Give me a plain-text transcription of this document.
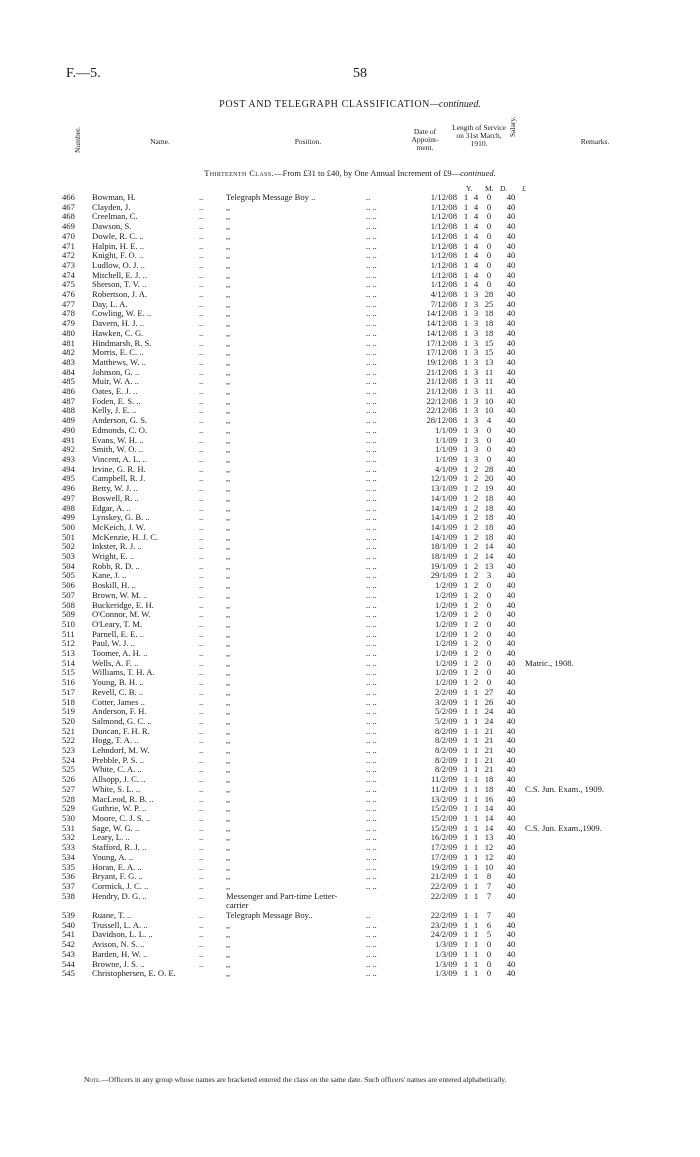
F.—5.	58
POST AND TELEGRAPH CLASSIFICATION—continued.
Number.	Name.	Position.
Date of Appoint- ment.
Length of Service on 31st March, 1910.
Salary.
Remarks.
Thirteenth Class.—From £31 to £40, by One Annual Increment of £9—continued.
Y. M. D. £
466	Bowman, H.	..	Telegraph Message Boy ..	..	1/12/08	1	4	0	40	
467	Clayden, J.	..	,,	.. ..	1/12/08	1	4	0	40	
468	Creelman, C.	..	,,	.. ..	1/12/08	1	4	0	40	
469	Dawson, S.	..	,,	.. ..	1/12/08	1	4	0	40	
470	Dowle, R. C. ..	..	,,	.. ..	1/12/08	1	4	0	40	
471	Halpin, H. E. ..	..	,,	.. ..	1/12/08	1	4	0	40	
472	Knight, F. O. ..	..	,,	.. ..	1/12/08	1	4	0	40	
473	Ludlow, O. J. ..	..	,,	.. ..	1/12/08	1	4	0	40	
474	Mitchell, E. J. ..	..	,,	.. ..	1/12/08	1	4	0	40	
475	Sherson, T. V. ..	..	,,	.. ..	1/12/08	1	4	0	40	
476	Robertson, J. A.	..	,,	.. ..	4/12/08	1	3	28	40	
477	Day, L. A.	..	,,	.. ..	7/12/08	1	3	25	40	
478	Cowling, W. E. ..	..	,,	.. ..	14/12/08	1	3	18	40	
479	Davern, H. J. ..	..	,,	.. ..	14/12/08	1	3	18	40	
480	Hawken, C. G.	..	,,	.. ..	14/12/08	1	3	18	40	
481	Hindmarsh, R. S.	..	,,	.. ..	17/12/08	1	3	15	40	
482	Morris, E. C. ..	..	,,	.. ..	17/12/08	1	3	15	40	
483	Matthews, W. ..	..	,,	.. ..	19/12/08	1	3	13	40	
484	Johnson, G. ..	..	,,	.. ..	21/12/08	1	3	11	40	
485	Muir, W. A. ..	..	,,	.. ..	21/12/08	1	3	11	40	
486	Oates, E. J. ..	..	,,	.. ..	21/12/08	1	3	11	40	
487	Foden, E. S. ..	..	,,	.. ..	22/12/08	1	3	10	40	
488	Kelly, J. E. ..	..	,,	.. ..	22/12/08	1	3	10	40	
489	Anderson, G. S.	..	,,	.. ..	28/12/08	1	3	4	40	
490	Edmonds, C. O.	..	,,	.. ..	1/1/09	1	3	0	40	
491	Evans, W. H. ..	..	,,	.. ..	1/1/09	1	3	0	40	
492	Smith, W. O. ..	..	,,	.. ..	1/1/09	1	3	0	40	
493	Vincent, A. L. ..	..	,,	.. ..	1/1/09	1	3	0	40	
494	Irvine, G. R. H.	..	,,	.. ..	4/1/09	1	2	28	40	
495	Campbell, R. J.	..	,,	.. ..	12/1/09	1	2	20	40	
496	Betty, W. J. ..	..	,,	.. ..	13/1/09	1	2	19	40	
497	Boswell, R. ..	..	,,	.. ..	14/1/09	1	2	18	40	
498	Edgar, A. ..	..	,,	.. ..	14/1/09	1	2	18	40	
499	Lynskey, G. B. ..	..	,,	.. ..	14/1/09	1	2	18	40	
500	McKeich, J. W.	..	,,	.. ..	14/1/09	1	2	18	40	
501	McKenzie, H. J. C.	..	,,	.. ..	14/1/09	1	2	18	40	
502	Inkster, R. J. ..	..	,,	.. ..	18/1/09	1	2	14	40	
503	Wright, E. ..	..	,,	.. ..	18/1/09	1	2	14	40	
504	Robb, R. D. ..	..	,,	.. ..	19/1/09	1	2	13	40	
505	Kane, J. ..	..	,,	.. ..	29/1/09	1	2	3	40	
506	Boskill, H. ..	..	,,	.. ..	1/2/09	1	2	0	40	
507	Brown, W. M. ..	..	,,	.. ..	1/2/09	1	2	0	40	
508	Buckeridge, E. H.	..	,,	.. ..	1/2/09	1	2	0	40	
509	O'Connor, M. W.	..	,,	.. ..	1/2/09	1	2	0	40	
510	O'Leary, T. M.	..	,,	.. ..	1/2/09	1	2	0	40	
511	Parnell, E. E. ..	..	,,	.. ..	1/2/09	1	2	0	40	
512	Paul, W. J. ..	..	,,	.. ..	1/2/09	1	2	0	40	
513	Toomer, A. H. ..	..	,,	.. ..	1/2/09	1	2	0	40	
514	Wells, A. F. ..	..	,,	.. ..	1/2/09	1	2	0	40	Matric., 1908.
515	Williams, T. H. A.	..	,,	.. ..	1/2/09	1	2	0	40	
516	Young, B. H. ..	..	,,	.. ..	1/2/09	1	2	0	40	
517	Revell, C. B. ..	..	,,	.. ..	2/2/09	1	1	27	40	
518	Cotter, James ..	..	,,	.. ..	3/2/09	1	1	26	40	
519	Anderson, F. H.	..	,,	.. ..	5/2/09	1	1	24	40	
520	Salmond, G. C. ..	..	,,	.. ..	5/2/09	1	1	24	40	
521	Duncan, F. H. R.	..	,,	.. ..	8/2/09	1	1	21	40	
522	Hogg, T. A. ..	..	,,	.. ..	8/2/09	1	1	21	40	
523	Lehndorf, M. W.	..	,,	.. ..	8/2/09	1	1	21	40	
524	Prebble, P. S. ..	..	,,	.. ..	8/2/09	1	1	21	40	
525	White, C. A. ..	..	,,	.. ..	8/2/09	1	1	21	40	
526	Allsopp, J. C. ..	..	,,	.. ..	11/2/09	1	1	18	40	
527	White, S. L. ..	..	,,	.. ..	11/2/09	1	1	18	40	C.S. Jun. Exam., 1909.
528	MacLeod, R. B. ..	..	,,	.. ..	13/2/09	1	1	16	40	
529	Guthrie, W. P. ..	..	,,	.. ..	15/2/09	1	1	14	40	
530	Moore, C. J. S. ..	..	,,	.. ..	15/2/09	1	1	14	40	
531	Sage, W. G. ..	..	,,	.. ..	15/2/09	1	1	14	40	C.S. Jun. Exam.,1909.
532	Leary, L. ..	..	,,	.. ..	16/2/09	1	1	13	40	
533	Stafford, R. J. ..	..	,,	.. ..	17/2/09	1	1	12	40	
534	Young, A. ..	..	,,	.. ..	17/2/09	1	1	12	40	
535	Horan, E. A. ..	..	,,	.. ..	19/2/09	1	1	10	40	
536	Bryant, F. G. ..	..	,,	.. ..	21/2/09	1	1	8	40	
537	Cormick, J. C. ..	..	,,	.. ..	22/2/09	1	1	7	40	
538	Hendry, D. G. ..	..	Messenger and Part-time Letter-		22/2/09	1	1	7	40	
			carrier							
539	Ruane, T. ..	..	Telegraph Message Boy..	..	22/2/09	1	1	7	40	
540	Trussell, L. A. ..	..	,,	.. ..	23/2/09	1	1	6	40	
541	Davidson, L. L. ..	..	,,	.. ..	24/2/09	1	1	5	40	
542	Avison, N. S. ..	..	,,	.. ..	1/3/09	1	1	0	40	
543	Barden, H. W. ..	..	,,	.. ..	1/3/09	1	1	0	40	
544	Browne, J. S. ..	..	,,	.. ..	1/3/09	1	1	0	40	
545	Christophersen, E. O. E.		,,	.. ..	1/3/09	1	1	0	40	
Note.—Officers in any group whose names are bracketed entered the class on the same date. Such officers' names are entered alphabetically.
